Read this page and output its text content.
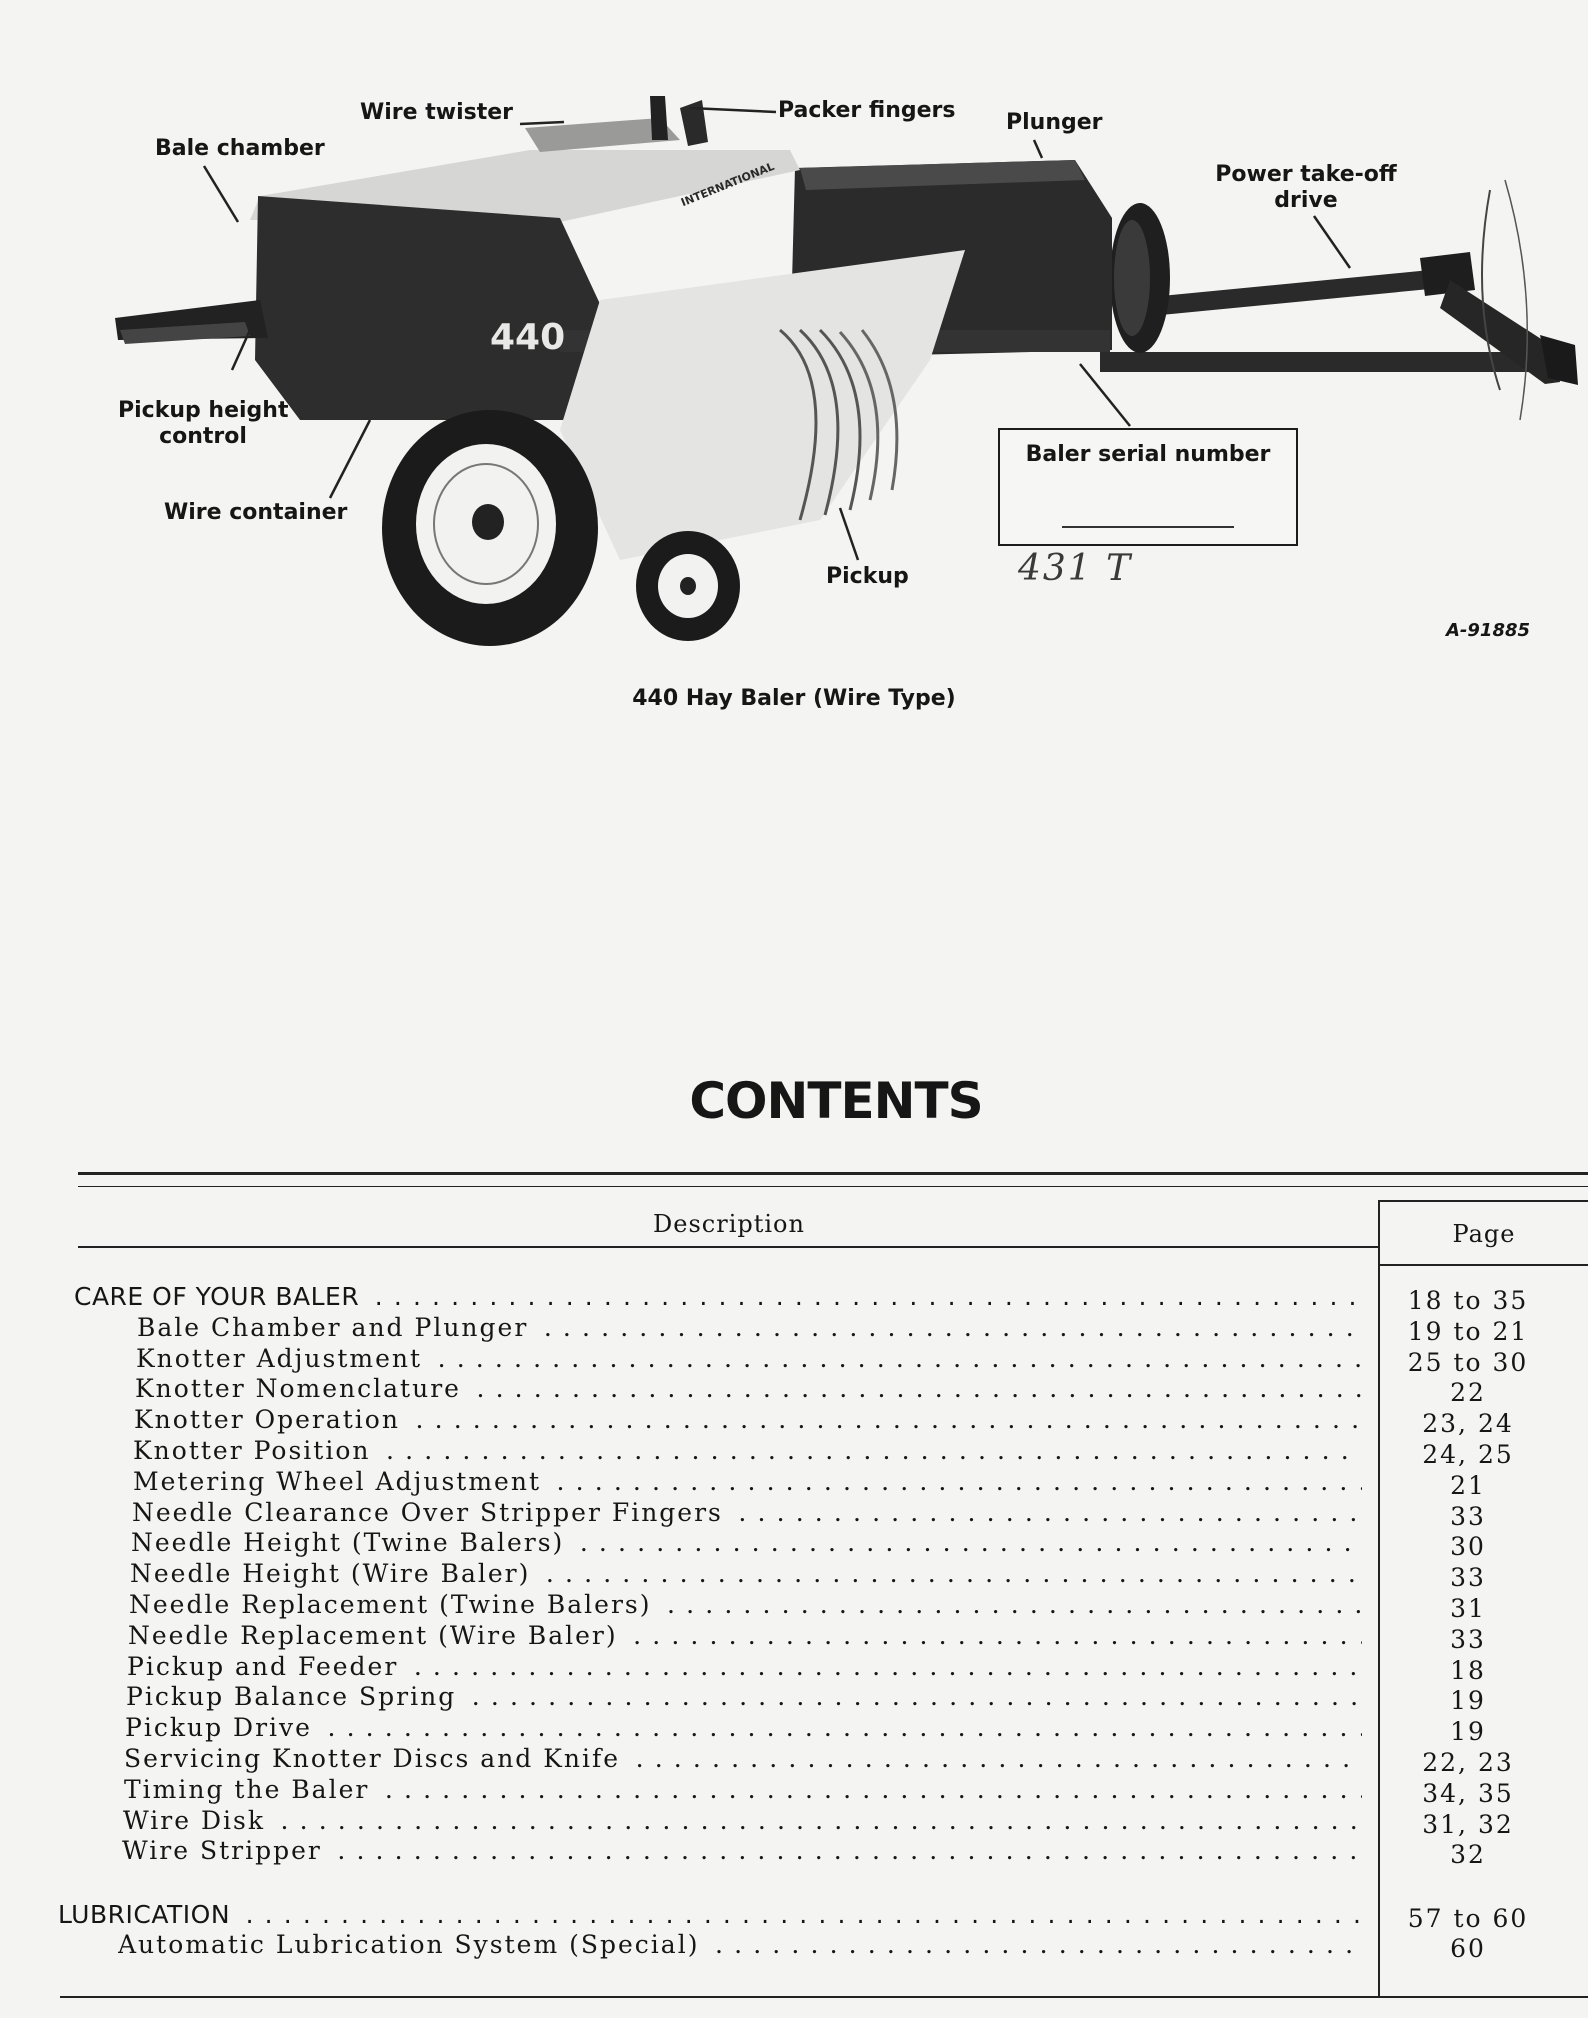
Wire twister	Packer fingers
Bale chamber
Plunger
Power take-off
drive
Pickup height
control
Wire container
Pickup
440
INTERNATIONAL
Baler serial number
431 T
A-91885
440 Hay Baler (Wire Type)
CONTENTS
Description	Page
CARE OF YOUR BALER . . .	18 to 35
Bale Chamber and Plunger . . .	19 to 21
Knotter Adjustment . . .	25 to 30
Knotter Nomenclature . . .	22
Knotter Operation . . .	23, 24
Knotter Position . . .	24, 25
Metering Wheel Adjustment . . .	21
Needle Clearance Over Stripper Fingers . . .	33
Needle Height (Twine Balers) . . .	30
Needle Height (Wire Baler) . . .	33
Needle Replacement (Twine Balers) . . .	31
Needle Replacement (Wire Baler) . . .	33
Pickup and Feeder . . .	18
Pickup Balance Spring . . .	19
Pickup Drive . . .	19
Servicing Knotter Discs and Knife . . .	22, 23
Timing the Baler . . .	34, 35
Wire Disk . . .	31, 32
Wire Stripper . . .	32
LUBRICATION . . .	57 to 60
Automatic Lubrication System (Special) . . .	60
